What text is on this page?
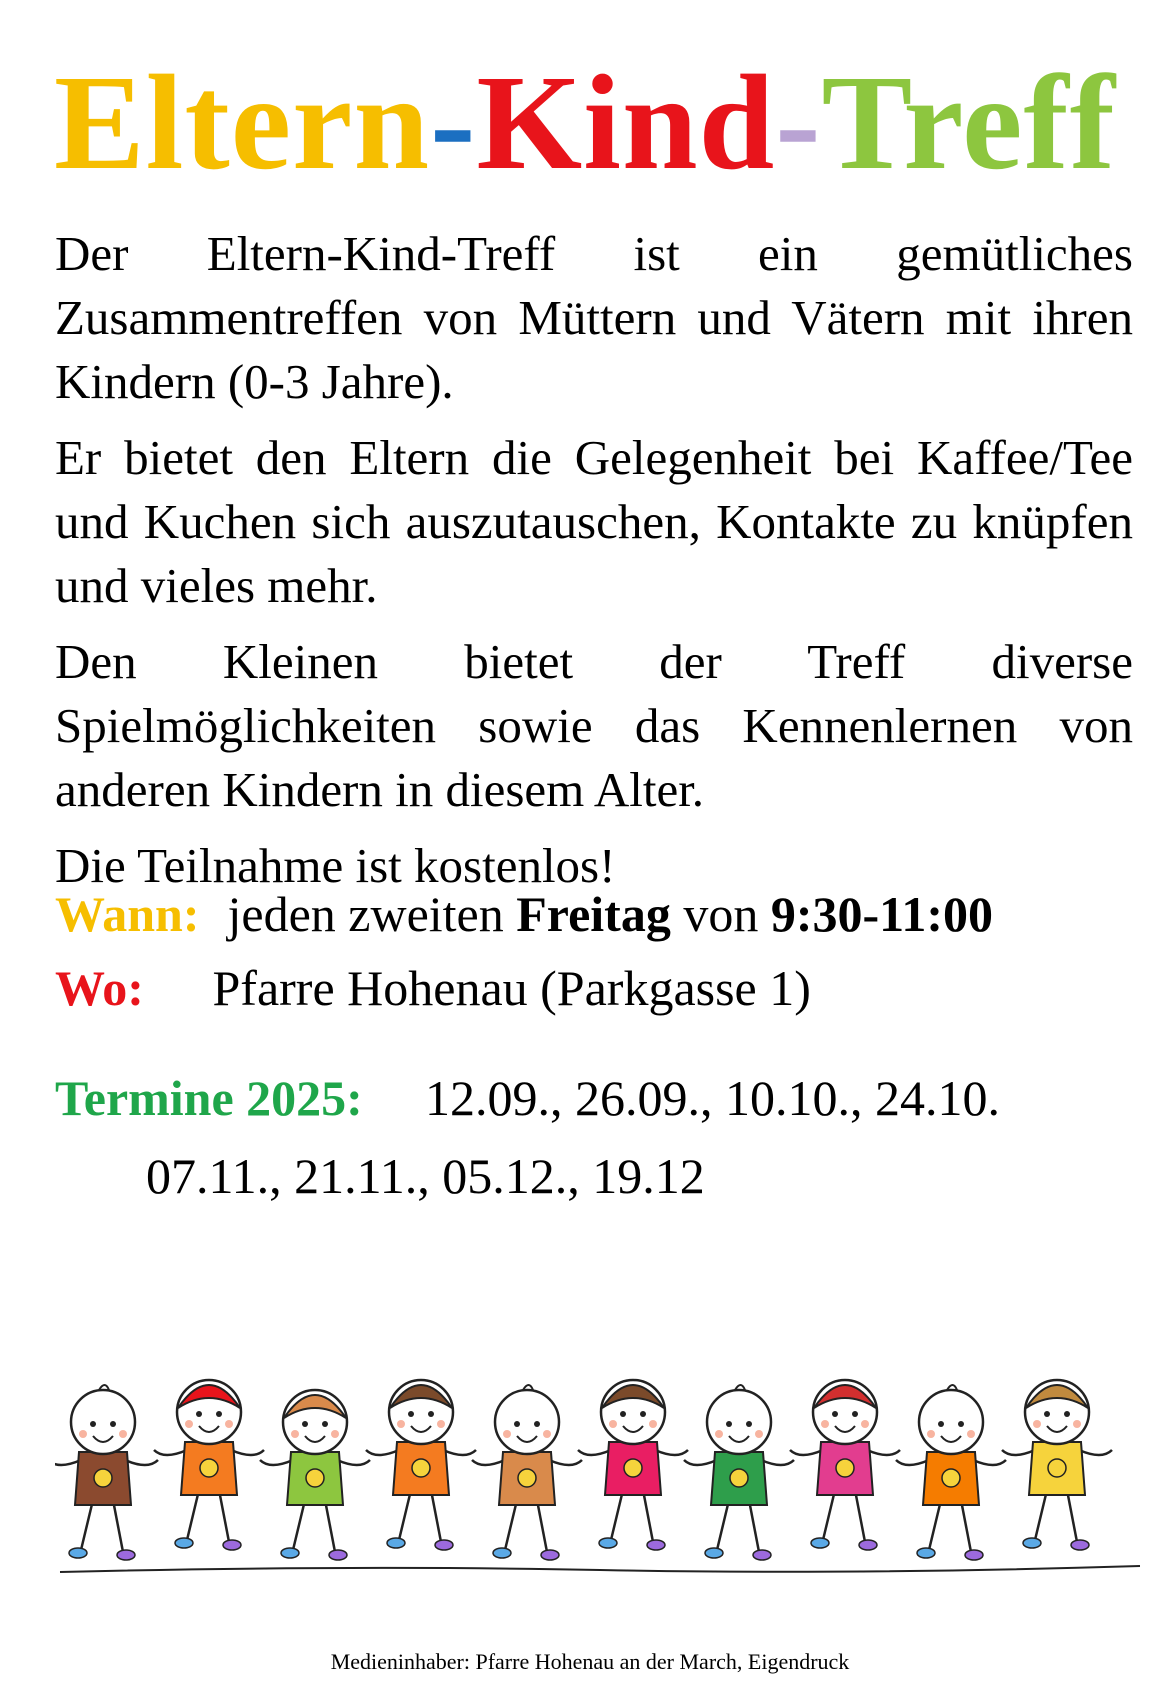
Eltern-Kind-Treff

Der Eltern-Kind-Treff ist ein gemütliches Zusammentreffen von Müttern und Vätern mit ihren Kindern (0-3 Jahre).

Er bietet den Eltern die Gelegenheit bei Kaffee/Tee und Kuchen sich auszutauschen, Kontakte zu knüpfen und vieles mehr.

Den Kleinen bietet der Treff diverse Spielmöglichkeiten sowie das Kennenlernen von anderen Kindern in diesem Alter.

Die Teilnahme ist kostenlos!

Wann: jeden zweiten Freitag von 9:30-11:00
Wo: Pfarre Hohenau (Parkgasse 1)
Termine 2025: 12.09., 26.09., 10.10., 24.10.
07.11., 21.11., 05.12., 19.12
Medieninhaber: Pfarre Hohenau an der March, Eigendruck
